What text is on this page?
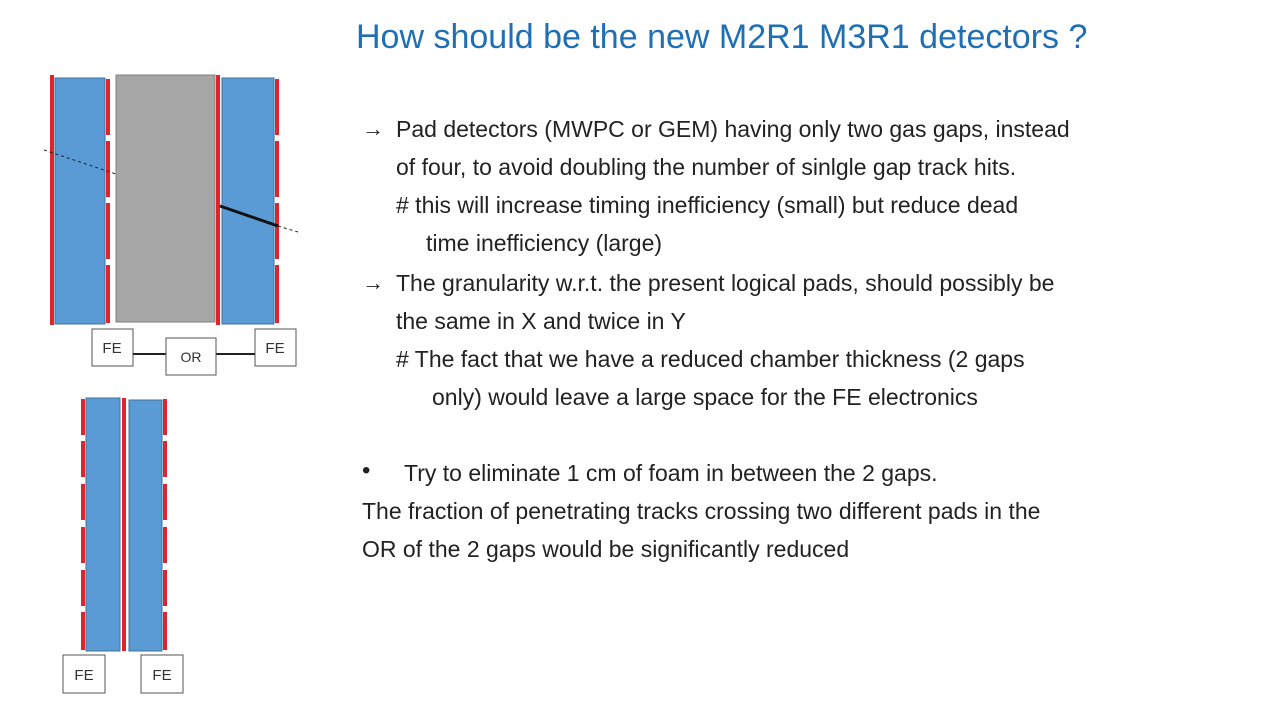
How should be the new M2R1 M3R1 detectors ?
FE	FE
OR
FE	FE
→ Pad detectors (MWPC or GEM) having only two gas gaps, instead
of four, to avoid doubling the number of sinlgle gap track hits.
# this will increase timing inefficiency (small) but reduce dead
time inefficiency (large)
→ The granularity w.r.t. the present logical pads, should possibly be
the same in X and twice in Y
# The fact that we have a reduced chamber thickness (2 gaps
only) would leave a large space for the FE electronics
• Try to eliminate 1 cm of foam in between the 2 gaps.
The fraction of penetrating tracks crossing two different pads in the
OR of the 2 gaps would be significantly reduced
